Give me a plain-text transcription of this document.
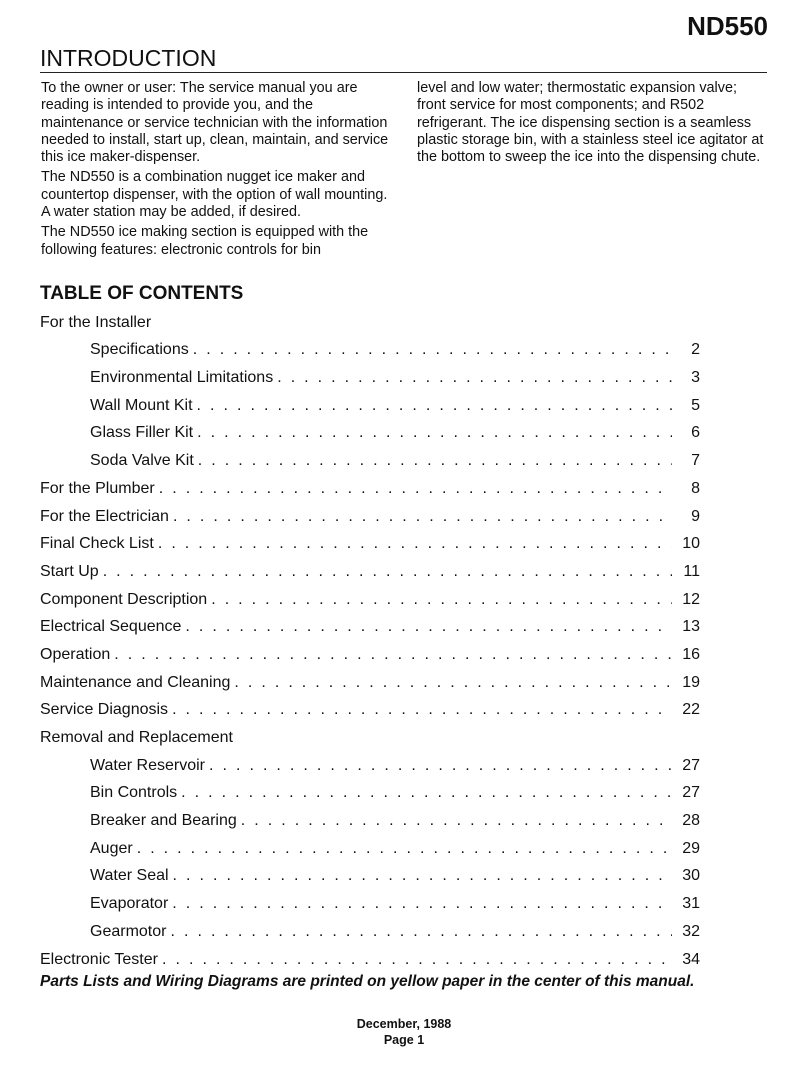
ND550
INTRODUCTION

To the owner or user: The service manual you are reading is intended to provide you, and the maintenance or service technician with the information needed to install, start up, clean, maintain, and service this ice maker-dispenser.

The ND550 is a combination nugget ice maker and countertop dispenser, with the option of wall mounting. A water station may be added, if desired.

The ND550 ice making section is equipped with the following features: electronic controls for bin

level and low water; thermostatic expansion valve; front service for most components; and R502 refrigerant. The ice dispensing section is a seamless plastic storage bin, with a stainless steel ice agitator at the bottom to sweep the ice into the dispensing chute.

TABLE OF CONTENTS
For the Installer
Specifications . . .	2
Environmental Limitations . . .	3
Wall Mount Kit . . .	5
Glass Filler Kit . . .	6
Soda Valve Kit . . .	7
For the Plumber . . .	8
For the Electrician . . .	9
Final Check List . . .	10
Start Up . . .	11
Component Description . . .	12
Electrical Sequence . . .	13
Operation . . .	16
Maintenance and Cleaning . . .	19
Service Diagnosis . . .	22
Removal and Replacement
Water Reservoir . . .	27
Bin Controls . . .	27
Breaker and Bearing . . .	28
Auger . . .	29
Water Seal . . .	30
Evaporator . . .	31
Gearmotor . . .	32
Electronic Tester . . .	34

Parts Lists and Wiring Diagrams are printed on yellow paper in the center of this manual.

December, 1988
Page 1
